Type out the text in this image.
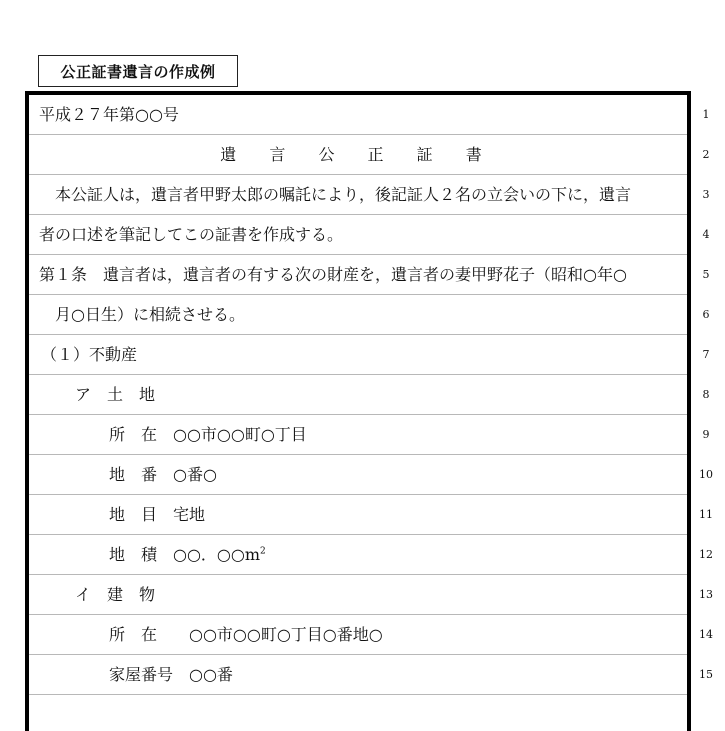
公正証書遺言の作成例
平成２７年第○○号
遺 言 公 正 証 書
本公証人は，遺言者甲野太郎の嘱託により，後記証人２名の立会いの下に，遺言
者の口述を筆記してこの証書を作成する。
第１条　遺言者は，遺言者の有する次の財産を，遺言者の妻甲野花子（昭和○年○
月○日生）に相続させる。
（１）不動産
ア　土　地
所　在　○○市○○町○丁目
地　番　○番○
地　目　宅地
地　積　○○．$○○m^2$
イ　建　物
所　在　　○○市○○町○丁目○番地○
家屋番号　○○番
1
2
3
4
5
6
7
8
9
10
11
12
13
14
15
